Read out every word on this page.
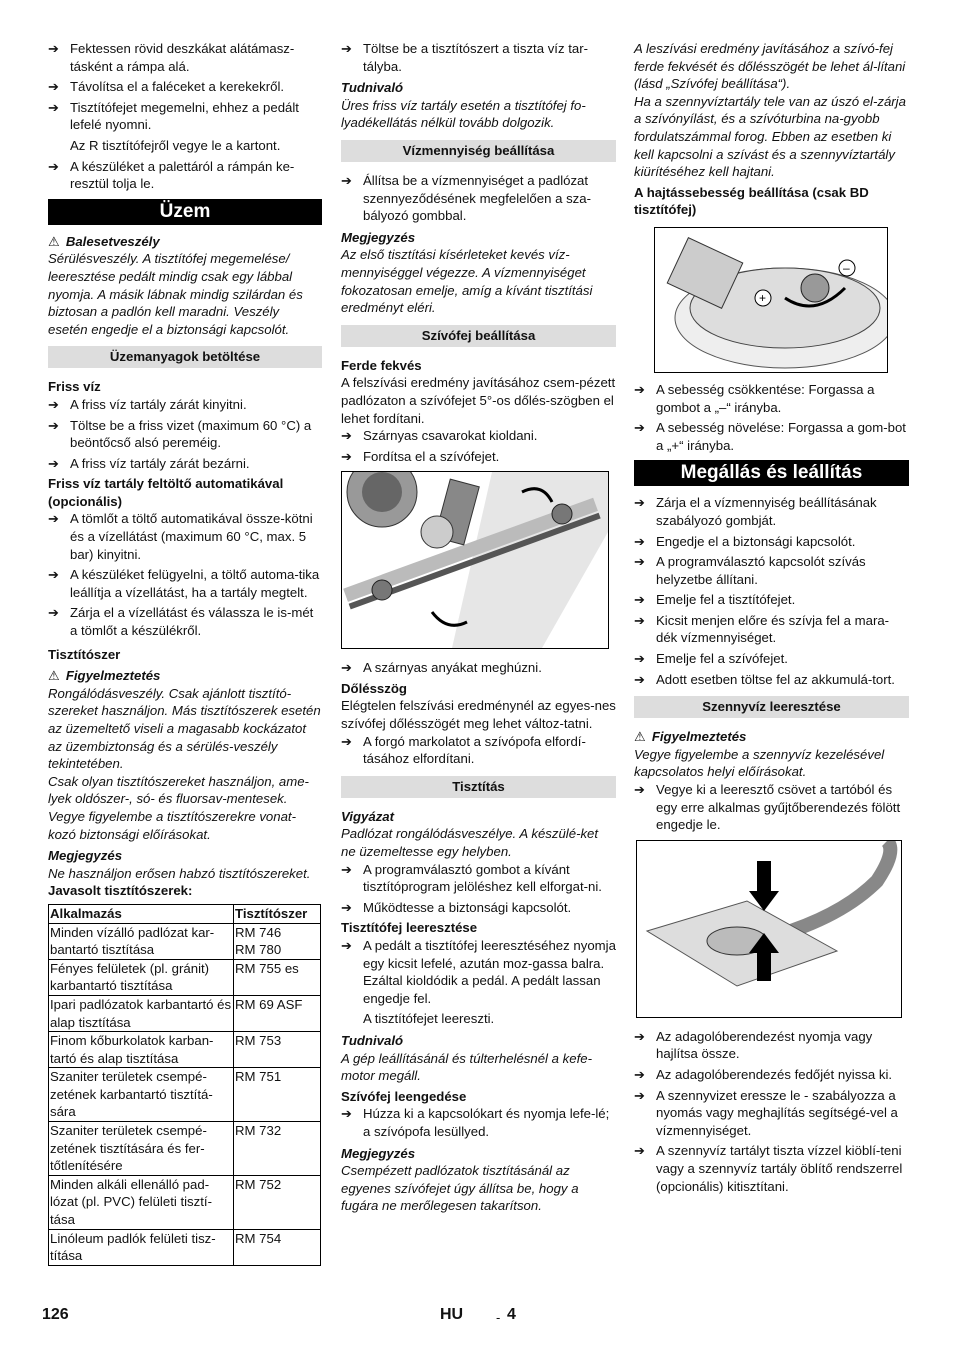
➔ Fektessen rövid deszkákat alátámasz-tásként a rámpa alá.

➔ Távolítsa el a faléceket a kerekekről.

➔ Tisztítófejet megemelni, ehhez a pedált lefelé nyomni.

Az R tisztítófejről vegye le a kartont.

➔ A készüléket a palettáról a rámpán ke-resztül tolja le.

Üzem

⚠ Balesetveszély

Sérülésveszély. A tisztítófej megemelése/ leeresztése pedált mindig csak egy lábbal nyomja. A másik lábnak mindig szilárdan és biztosan a padlón kell maradni. Veszély esetén engedje el a biztonsági kapcsolót.

Üzemanyagok betöltése

Friss víz

➔ A friss víz tartály zárát kinyitni.

➔ Töltse be a friss vizet (maximum 60 °C) a beöntőcső alsó pereméig.

➔ A friss víz tartály zárát bezárni.

Friss víz tartály feltöltő automatikával (opcionális)

➔ A tömlőt a töltő automatikával össze-kötni és a vízellátást (maximum 60 °C, max. 5 bar) kinyitni.

➔ A készüléket felügyelni, a töltő automa-tika leállítja a vízellátást, ha a tartály megtelt.

➔ Zárja el a vízellátást és válassza le is-mét a tömlőt a készülékről.

Tisztítószer

⚠ Figyelmeztetés

Rongálódásveszély. Csak ajánlott tisztító-szereket használjon. Más tisztítószerek esetén az üzemeltető viseli a magasabb kockázatot az üzembiztonság és a sérülés-veszély tekintetében.

Csak olyan tisztítószereket használjon, ame-lyek oldószer-, só- és fluorsav-mentesek.

Vegye figyelembe a tisztítószerekre vonat-kozó biztonsági előírásokat.

Megjegyzés

Ne használjon erősen habzó tisztítószereket.

Javasolt tisztítószerek:

Alkalmazás	Tisztítószer
Minden vízálló padlózat kar-bantartó tisztítása	RM 746
RM 780
Fényes felületek (pl. gránit) karbantartó tisztítása	RM 755 es
Ipari padlózatok karbantartó és alap tisztítása	RM 69 ASF
Finom kőburkolatok karban-tartó és alap tisztítása	RM 753
Szaniter területek csempé-zetének karbantartó tisztítá-sára	RM 751
Szaniter területek csempé-zetének tisztítására és fer-tőtlenítésére	RM 732
Minden alkáli ellenálló pad-lózat (pl. PVC) felületi tisztí-tása	RM 752
Linóleum padlók felületi tisz-títása	RM 754

➔ Töltse be a tisztítószert a tiszta víz tar-tályba.

Tudnivaló

Üres friss víz tartály esetén a tisztítófej fo-lyadékellátás nélkül tovább dolgozik.

Vízmennyiség beállítása

➔ Állítsa be a vízmennyiséget a padlózat szennyeződésének megfelelően a sza-bályozó gombbal.

Megjegyzés

Az első tisztítási kísérleteket kevés víz-mennyiséggel végezze. A vízmennyiséget fokozatosan emelje, amíg a kívánt tisztítási eredményt eléri.

Szívófej beállítása

Ferde fekvés

A felszívási eredmény javításához csem-pézett padlózaton a szívófejet 5°-os dőlés-szögben el lehet fordítani.

➔ Szárnyas csavarokat kioldani.

➔ Fordítsa el a szívófejet.

➔ A szárnyas anyákat meghúzni.

Dőlésszög

Elégtelen felszívási eredménynél az egyes-nes szívófej dőlésszögét meg lehet változ-tatni.

➔ A forgó markolatot a szívópofa elfordí-tásához elfordítani.

Tisztítás

Vigyázat

Padlózat rongálódásveszélye. A készülé-ket ne üzemeltesse egy helyben.

➔ A programválasztó gombot a kívánt tisztítóprogram jelöléshez kell elforgat-ni.

➔ Működtesse a biztonsági kapcsolót.

Tisztítófej leeresztése

➔ A pedált a tisztítófej leeresztéséhez nyomja egy kicsit lefelé, azután moz-gassa balra. Ezáltal kioldódik a pedál. A pedált lassan engedje fel.

A tisztítófejet leereszti.

Tudnivaló

A gép leállításánál és túlterhelésnél a kefe-motor megáll.

Szívófej leengedése

➔ Húzza ki a kapcsolókart és nyomja lefe-lé; a szívópofa lesüllyed.

Megjegyzés

Csempézett padlózatok tisztításánál az egyenes szívófejet úgy állítsa be, hogy a fugára ne merőlegesen takarítson.

A leszívási eredmény javításához a szívó-fej ferde fekvését és dőlésszögét be lehet ál-lítani (lásd „Szívófej beállítása“).

Ha a szennyvíztartály tele van az úszó el-zárja a szívónyílást, és a szívóturbina na-gyobb fordulatszámmal forog. Ebben az esetben ki kell kapcsolni a szívást és a szennyvíztartály kiürítéséhez kell hajtani.

A hajtássebesség beállítása (csak BD tisztítófej)

+
–

➔ A sebesség csökkentése: Forgassa a gombot a „–“ irányba.

➔ A sebesség növelése: Forgassa a gom-bot a „+“ irányba.

Megállás és leállítás

➔ Zárja el a vízmennyiség beállításának szabályozó gombját.

➔ Engedje el a biztonsági kapcsolót.

➔ A programválasztó kapcsolót szívás helyzetbe állítani.

➔ Emelje fel a tisztítófejet.

➔ Kicsit menjen előre és szívja fel a mara-dék vízmennyiséget.

➔ Emelje fel a szívófejet.

➔ Adott esetben töltse fel az akkumulá-tort.

Szennyvíz leeresztése

⚠ Figyelmeztetés

Vegye figyelembe a szennyvíz kezelésével kapcsolatos helyi előírásokat.

➔ Vegye ki a leeresztő csövet a tartóból és egy erre alkalmas gyűjtőberendezés fölött engedje le.

➔ Az adagolóberendezést nyomja vagy hajlítsa össze.

➔ Az adagolóberendezés fedőjét nyissa ki.

➔ A szennyvizet eressze le - szabályozza a nyomás vagy meghajlítás segítségé-vel a vízmennyiséget.

➔ A szennyvíz tartályt tiszta vízzel kiöblí-teni vagy a szennyvíz tartály öblítő rendszerrel (opcionális) kitisztítani.

126	HU	- 4
